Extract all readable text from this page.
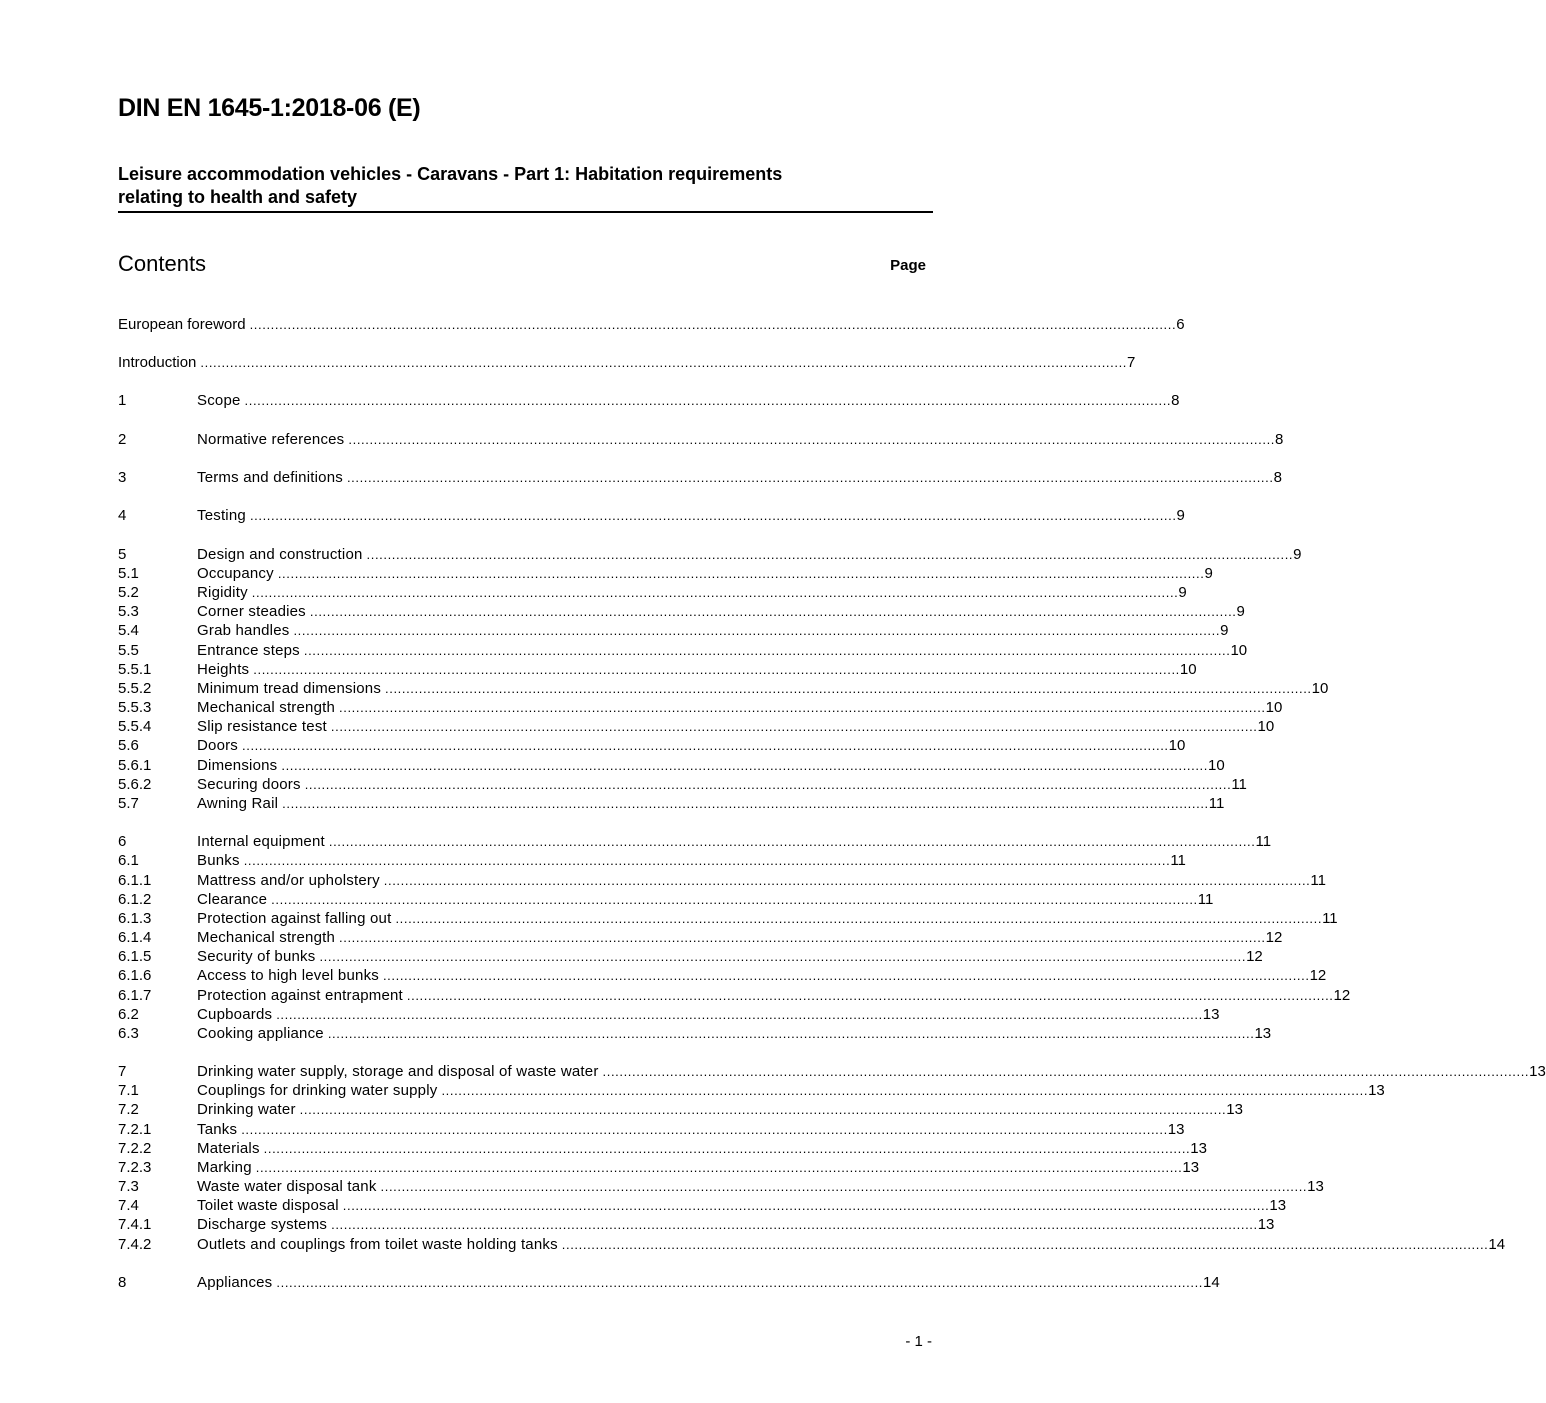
DIN EN 1645-1:2018-06 (E)
Leisure accommodation vehicles - Caravans - Part 1: Habitation requirements
relating to health and safety
Contents	Page
European foreword ............................................................................................................................................................................................................................ 6
Introduction ............................................................................................................................................................................................................................ 7
1	Scope ............................................................................................................................................................................................................................ 8
2	Normative references ............................................................................................................................................................................................................................ 8
3	Terms and definitions ............................................................................................................................................................................................................................ 8
4	Testing ............................................................................................................................................................................................................................ 9
5	Design and construction ............................................................................................................................................................................................................................ 9
5.1	Occupancy ............................................................................................................................................................................................................................ 9
5.2	Rigidity ............................................................................................................................................................................................................................ 9
5.3	Corner steadies ............................................................................................................................................................................................................................ 9
5.4	Grab handles ............................................................................................................................................................................................................................ 9
5.5	Entrance steps ............................................................................................................................................................................................................................ 10
5.5.1	Heights ............................................................................................................................................................................................................................ 10
5.5.2	Minimum tread dimensions ............................................................................................................................................................................................................................ 10
5.5.3	Mechanical strength ............................................................................................................................................................................................................................ 10
5.5.4	Slip resistance test ............................................................................................................................................................................................................................ 10
5.6	Doors ............................................................................................................................................................................................................................ 10
5.6.1	Dimensions ............................................................................................................................................................................................................................ 10
5.6.2	Securing doors ............................................................................................................................................................................................................................ 11
5.7	Awning Rail ............................................................................................................................................................................................................................ 11
6	Internal equipment ............................................................................................................................................................................................................................ 11
6.1	Bunks ............................................................................................................................................................................................................................ 11
6.1.1	Mattress and/or upholstery ............................................................................................................................................................................................................................ 11
6.1.2	Clearance ............................................................................................................................................................................................................................ 11
6.1.3	Protection against falling out ............................................................................................................................................................................................................................ 11
6.1.4	Mechanical strength ............................................................................................................................................................................................................................ 12
6.1.5	Security of bunks ............................................................................................................................................................................................................................ 12
6.1.6	Access to high level bunks ............................................................................................................................................................................................................................ 12
6.1.7	Protection against entrapment ............................................................................................................................................................................................................................ 12
6.2	Cupboards ............................................................................................................................................................................................................................ 13
6.3	Cooking appliance ............................................................................................................................................................................................................................ 13
7	Drinking water supply, storage and disposal of waste water ............................................................................................................................................................................................................................ 13
7.1	Couplings for drinking water supply ............................................................................................................................................................................................................................ 13
7.2	Drinking water ............................................................................................................................................................................................................................ 13
7.2.1	Tanks ............................................................................................................................................................................................................................ 13
7.2.2	Materials ............................................................................................................................................................................................................................ 13
7.2.3	Marking ............................................................................................................................................................................................................................ 13
7.3	Waste water disposal tank ............................................................................................................................................................................................................................ 13
7.4	Toilet waste disposal ............................................................................................................................................................................................................................ 13
7.4.1	Discharge systems ............................................................................................................................................................................................................................ 13
7.4.2	Outlets and couplings from toilet waste holding tanks ............................................................................................................................................................................................................................ 14
8	Appliances ............................................................................................................................................................................................................................ 14
- 1 -
